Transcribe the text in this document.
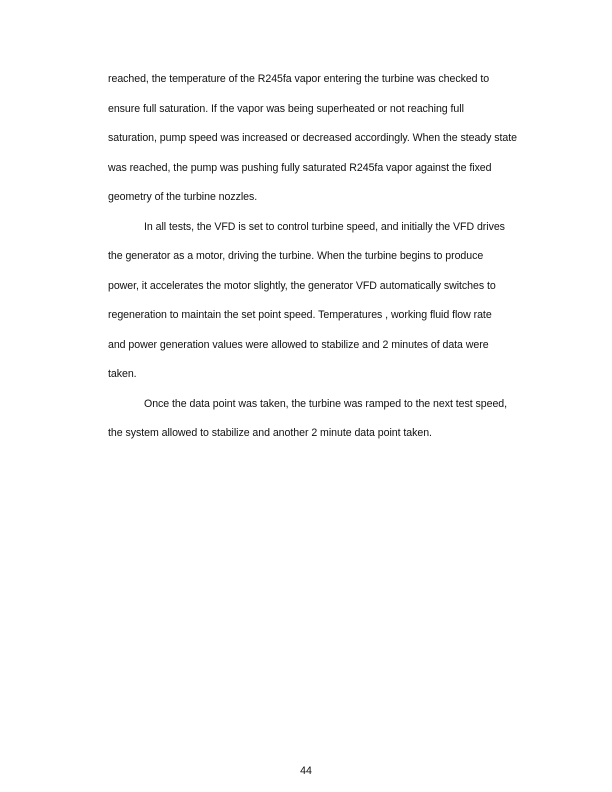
reached, the temperature of the R245fa vapor entering the turbine was checked to
ensure full saturation. If the vapor was being superheated or not reaching full
saturation, pump speed was increased or decreased accordingly. When the steady state
was reached, the pump was pushing fully saturated R245fa vapor against the fixed
geometry of the turbine nozzles.
In all tests, the VFD is set to control turbine speed, and initially the VFD drives
the generator as a motor, driving the turbine. When the turbine begins to produce
power, it accelerates the motor slightly, the generator VFD automatically switches to
regeneration to maintain the set point speed. Temperatures , working fluid flow rate
and power generation values were allowed to stabilize and 2 minutes of data were
taken.
Once the data point was taken, the turbine was ramped to the next test speed,
the system allowed to stabilize and another 2 minute data point taken.
44
